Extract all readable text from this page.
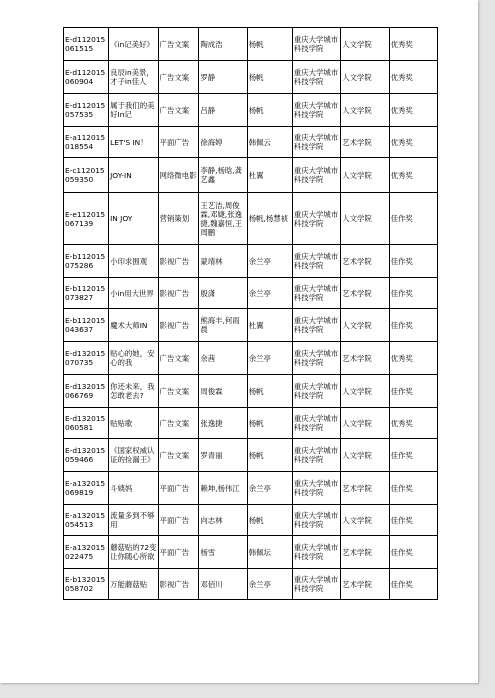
E-d112015061515	《in记美好》	广告文案	陶成浩	杨帆	重庆大学城市科技学院	人文学院	优秀奖
E-d112015060904	良辰in美景，才子in佳人	广告文案	罗静	杨帆	重庆大学城市科技学院	人文学院	优秀奖
E-d112015057535	属于我们的美好In记	广告文案	吕静	杨帆	重庆大学城市科技学院	人文学院	优秀奖
E-a112015018554	LET'S IN！	平面广告	徐海婷	韩佩云	重庆大学城市科技学院	艺术学院	优秀奖
E-c112015059350	JOY-IN	网络微电影	李静,杨晗,龚艺鑫	杜翼	重庆大学城市科技学院	人文学院	优秀奖
E-e112015067139	IN JOY	营销策划	王艺洁,周俊霖,邓婕,张逸捷,魏嘉恒,王周鹏	杨帆,杨慧祯	重庆大学城市科技学院	人文学院	佳作奖
E-b112015075286	小印求围观	影视广告	蒙靖林	余兰亭	重庆大学城市科技学院	艺术学院	佳作奖
E-b112015073827	小in用大世界	影视广告	殷潇	余兰亭	重庆大学城市科技学院	艺术学院	佳作奖
E-b112015043637	魔术大师IN	影视广告	熊海丰,何雨晨	杜翼	重庆大学城市科技学院	人文学院	佳作奖
E-d132015070735	贴心的她，安心的我	广告文案	余茜	余兰亭	重庆大学城市科技学院	艺术学院	优秀奖
E-d132015066769	你还未来，我怎敢老去?	广告文案	周俊霖	杨帆	重庆大学城市科技学院	人文学院	佳作奖
E-d132015060581	贴贴歌	广告文案	张逸捷	杨帆	重庆大学城市科技学院	人文学院	优秀奖
E-d132015059466	《国家权威认证的捡漏王》	广告文案	罗青丽	杨帆	重庆大学城市科技学院	人文学院	佳作奖
E-a132015069819	斗姨妈	平面广告	赖坤,杨伟江	余兰亭	重庆大学城市科技学院	艺术学院	佳作奖
E-a132015054513	流量多到不够用	平面广告	向志林	杨帆	重庆大学城市科技学院	人文学院	佳作奖
E-a132015022475	蘑菇贴的72变让你随心所欲	平面广告	杨雪	韩佩坛	重庆大学城市科技学院	艺术学院	佳作奖
E-b132015058702	万能蘑菇贴	影视广告	邓佰川	余兰亭	重庆大学城市科技学院	艺术学院	佳作奖
